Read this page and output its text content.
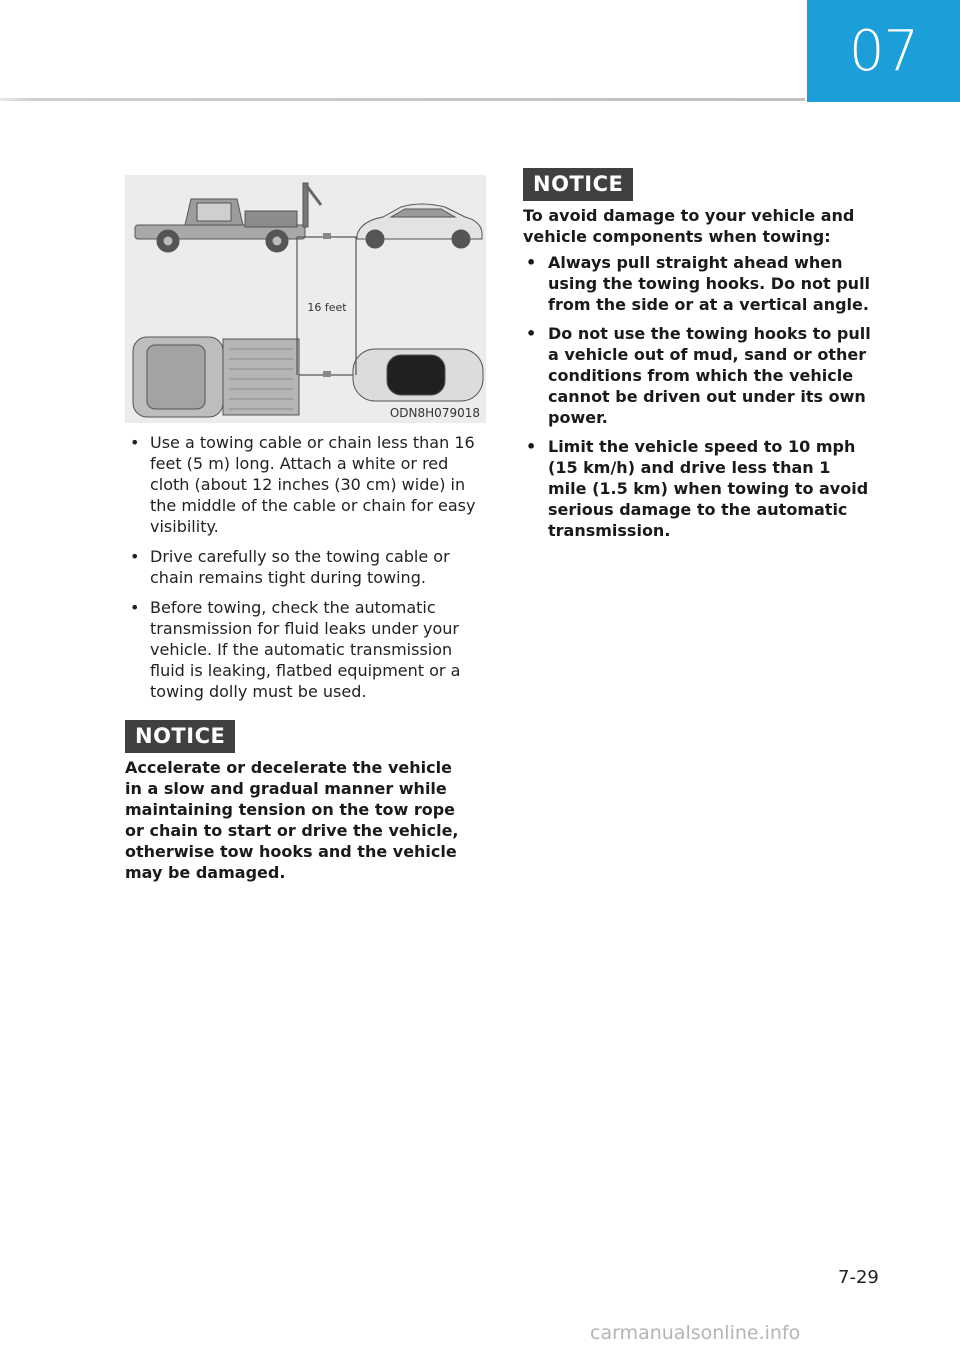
07
16 feet
ODN8H079018
• Use a towing cable or chain less than 16 feet (5 m) long. Attach a white or red cloth (about 12 inches (30 cm) wide) in the middle of the cable or chain for easy visibility.
• Drive carefully so the towing cable or chain remains tight during towing.
• Before towing, check the automatic transmission for fluid leaks under your vehicle. If the automatic transmission fluid is leaking, flatbed equipment or a towing dolly must be used.
NOTICE
Accelerate or decelerate the vehicle in a slow and gradual manner while maintaining tension on the tow rope or chain to start or drive the vehicle, otherwise tow hooks and the vehicle may be damaged.
NOTICE
To avoid damage to your vehicle and vehicle components when towing:
• Always pull straight ahead when using the towing hooks. Do not pull from the side or at a vertical angle.
• Do not use the towing hooks to pull a vehicle out of mud, sand or other conditions from which the vehicle cannot be driven out under its own power.
• Limit the vehicle speed to 10 mph (15 km/h) and drive less than 1 mile (1.5 km) when towing to avoid serious damage to the automatic transmission.
7-29
carmanualsonline.info
